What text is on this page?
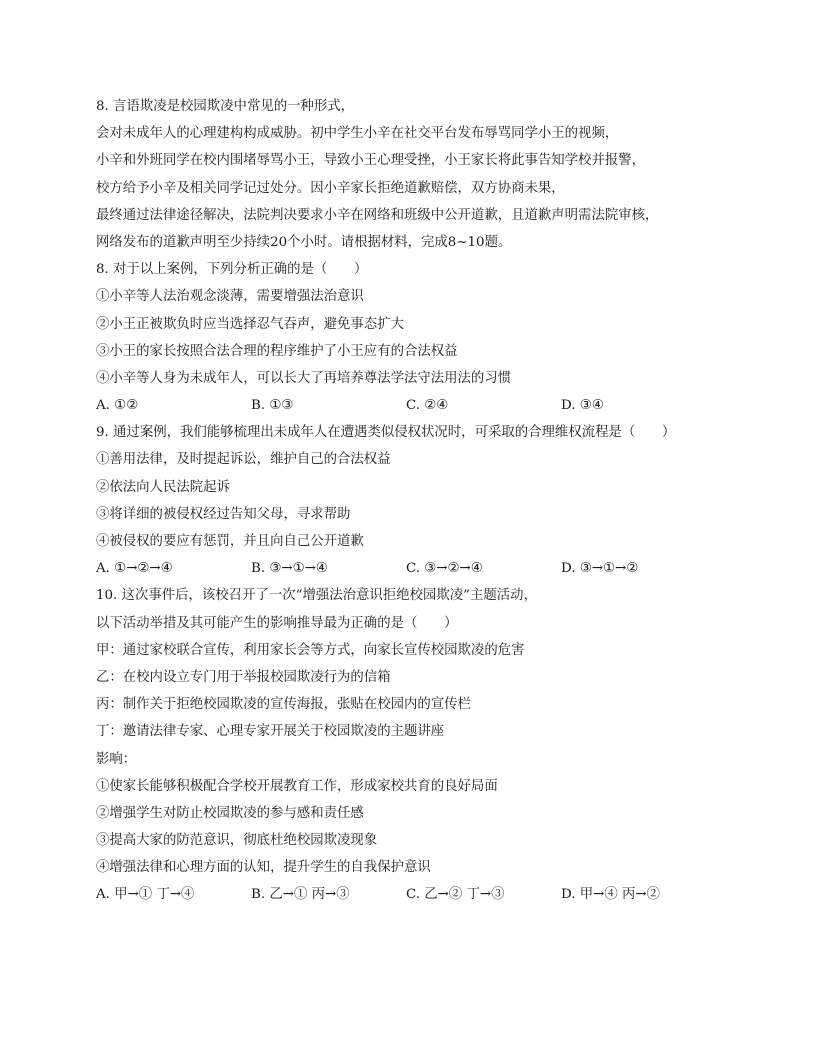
8. 言语欺凌是校园欺凌中常见的一种形式，
会对未成年人的心理建构构成威胁。初中学生小辛在社交平台发布辱骂同学小王的视频，
小辛和外班同学在校内围堵辱骂小王，导致小王心理受挫，小王家长将此事告知学校并报警，
校方给予小辛及相关同学记过处分。因小辛家长拒绝道歉赔偿，双方协商未果，
最终通过法律途径解决，法院判决要求小辛在网络和班级中公开道歉，且道歉声明需法院审核，
网络发布的道歉声明至少持续20个小时。请根据材料，完成8~10题。
8. 对于以上案例，下列分析正确的是（　　）
①小辛等人法治观念淡薄，需要增强法治意识
②小王正被欺负时应当选择忍气吞声，避免事态扩大
③小王的家长按照合法合理的程序维护了小王应有的合法权益
④小辛等人身为未成年人，可以长大了再培养尊法学法守法用法的习惯
A. ①②	B. ①③	C. ②④	D. ③④
9. 通过案例，我们能够梳理出未成年人在遭遇类似侵权状况时，可采取的合理维权流程是（　　）
①善用法律，及时提起诉讼，维护自己的合法权益
②依法向人民法院起诉
③将详细的被侵权经过告知父母，寻求帮助
④被侵权的要应有惩罚，并且向自己公开道歉
A. ①→②→④	B. ③→①→④	C. ③→②→④	D. ③→①→②
10. 这次事件后，该校召开了一次“增强法治意识拒绝校园欺凌”主题活动，
以下活动举措及其可能产生的影响推导最为正确的是（　　）
甲：通过家校联合宣传，利用家长会等方式，向家长宣传校园欺凌的危害
乙：在校内设立专门用于举报校园欺凌行为的信箱
丙：制作关于拒绝校园欺凌的宣传海报，张贴在校园内的宣传栏
丁：邀请法律专家、心理专家开展关于校园欺凌的主题讲座
影响：
①使家长能够积极配合学校开展教育工作，形成家校共育的良好局面
②增强学生对防止校园欺凌的参与感和责任感
③提高大家的防范意识，彻底杜绝校园欺凌现象
④增强法律和心理方面的认知，提升学生的自我保护意识
A. 甲→① 丁→④	B. 乙→① 丙→③	C. 乙→② 丁→③	D. 甲→④ 丙→②
